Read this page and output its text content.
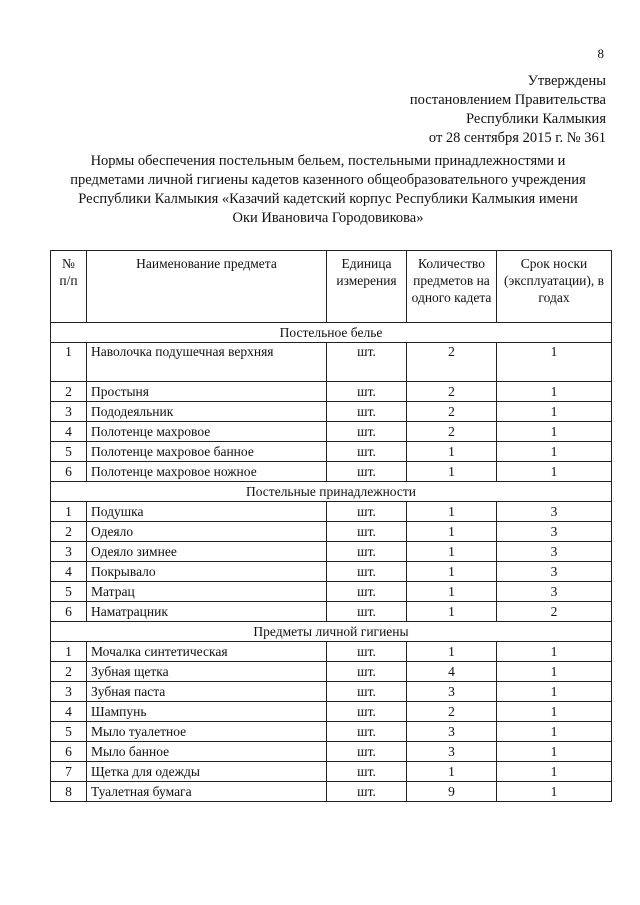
8
Утверждены
постановлением Правительства
Республики Калмыкия
от 28 сентября 2015 г. № 361
Нормы обеспечения постельным бельем, постельными принадлежностями и
предметами личной гигиены кадетов казенного общеобразовательного учреждения
Республики Калмыкия «Казачий кадетский корпус Республики Калмыкия имени
Оки Ивановича Городовикова»
№ п/п	Наименование предмета	Единица измерения	Количество предметов на одного кадета	Срок носки (эксплуатации), в годах
Постельное белье				
1	Наволочка подушечная верхняя	шт.	2	1
2	Простыня	шт.	2	1
3	Пододеяльник	шт.	2	1
4	Полотенце махровое	шт.	2	1
5	Полотенце махровое банное	шт.	1	1
6	Полотенце махровое ножное	шт.	1	1
Постельные принадлежности				
1	Подушка	шт.	1	3
2	Одеяло	шт.	1	3
3	Одеяло зимнее	шт.	1	3
4	Покрывало	шт.	1	3
5	Матрац	шт.	1	3
6	Наматрацник	шт.	1	2
Предметы личной гигиены				
1	Мочалка синтетическая	шт.	1	1
2	Зубная щетка	шт.	4	1
3	Зубная паста	шт.	3	1
4	Шампунь	шт.	2	1
5	Мыло туалетное	шт.	3	1
6	Мыло банное	шт.	3	1
7	Щетка для одежды	шт.	1	1
8	Туалетная бумага	шт.	9	1
